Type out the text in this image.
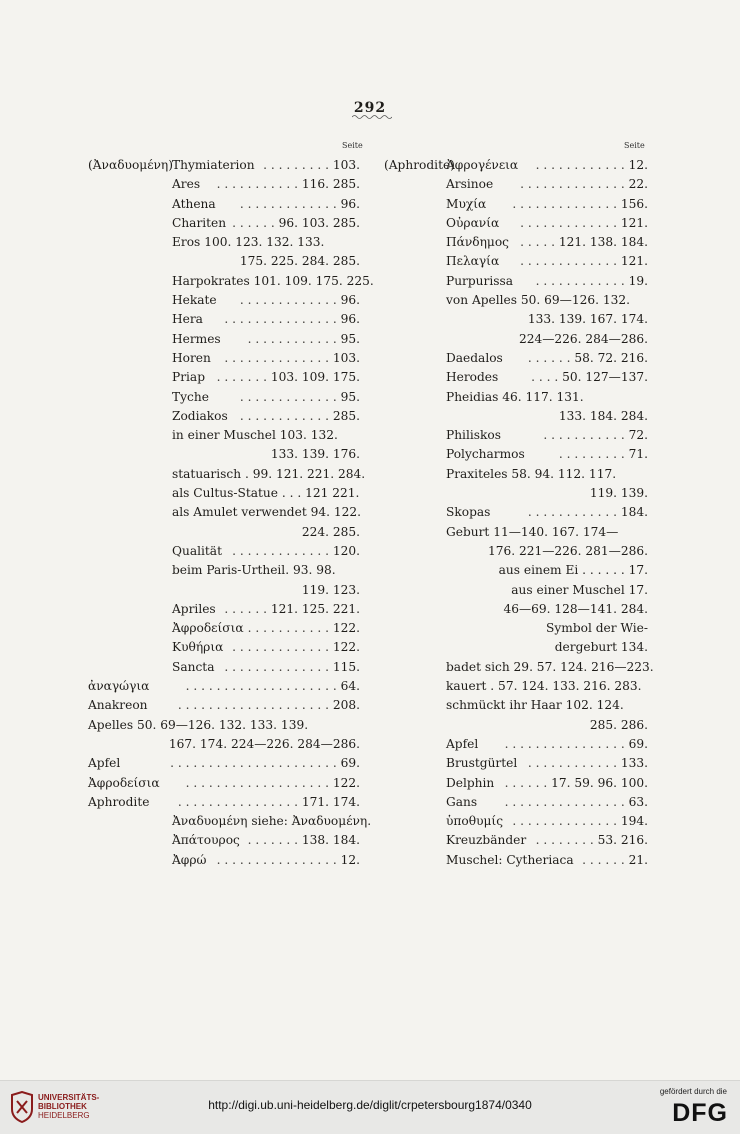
292
Seite	Seite
(Ἀναδυομένη) Thymiaterion . . . . . . . . . 103.
Ares . . . . . . . . . . . 116. 285.
Athena . . . . . . . . . . . . . 96.
Chariten . . . . . . 96. 103. 285.
Eros 100. 123. 132. 133.
175. 225. 284. 285.
Harpokrates 101. 109. 175. 225.
Hekate . . . . . . . . . . . . . 96.
Hera . . . . . . . . . . . . . . . 96.
Hermes . . . . . . . . . . . . 95.
Horen . . . . . . . . . . . . . . 103.
Priap . . . . . . . 103. 109. 175.
Tyche	. . . . . . . . . . . . . 95.
Zodiakos . . . . . . . . . . . . 285.
in einer Muschel 103. 132.
133. 139. 176.
statuarisch . 99. 121. 221. 284.
als Cultus-Statue . . . 121 221.
als Amulet verwendet 94. 122.
224. 285.
Qualität . . . . . . . . . . . . . 120.
beim Paris-Urtheil. 93. 98.
119. 123.
Apriles . . . . . . 121. 125. 221.
Ἀφροδείσια . . . . . . . . . . . 122.
Κυθήρια . . . . . . . . . . . . . 122.
Sancta . . . . . . . . . . . . . . 115.
ἀναγώγια	. . . . . . . . . . . . . . . . . . . . 64.
Anakreon . . . . . . . . . . . . . . . . . . . . 208.
Apelles 50. 69—126. 132. 133. 139.
167. 174. 224—226. 284—286.
Apfel	. . . . . . . . . . . . . . . . . . . . . . 69.
Ἀφροδείσια . . . . . . . . . . . . . . . . . . . 122.
Aphrodite . . . . . . . . . . . . . . . . 171. 174.
Ἀναδυομένη siehe: Ἀναδυομένη.
Ἀπάτουρος . . . . . . . 138. 184.
Ἀφρώ . . . . . . . . . . . . . . . . 12.
(Aphrodite)
Ἀφρογένεια . . . . . . . . . . . . 12.
Arsinoe . . . . . . . . . . . . . . 22.
Μυχία . . . . . . . . . . . . . . 156.
Οὐρανία . . . . . . . . . . . . . 121.
Πάνδημος . . . . . 121. 138. 184.
Πελαγία . . . . . . . . . . . . . 121.
Purpurissa . . . . . . . . . . . . 19.
von Apelles 50. 69—126. 132.
133. 139. 167. 174.
224—226. 284—286.
Daedalos . . . . . . 58. 72. 216.
Herodes	. . . . 50. 127—137.
Pheidias 46. 117. 131.
133. 184. 284.
Philiskos	. . . . . . . . . . . 72.
Polycharmos	. . . . . . . . . 71.
Praxiteles 58. 94. 112. 117.
119. 139.
Skopas	. . . . . . . . . . . . 184.
Geburt 11—140. 167. 174—
176. 221—226. 281—286.
aus einem Ei . . . . . . 17.
aus einer Muschel 17.
46—69. 128—141. 284.
Symbol der Wie-
dergeburt 134.
badet sich 29. 57. 124. 216—223.
kauert . 57. 124. 133. 216. 283.
schmückt ihr Haar 102. 124.
285. 286.
Apfel . . . . . . . . . . . . . . . . 69.
Brustgürtel . . . . . . . . . . . . 133.
Delphin . . . . . . 17. 59. 96. 100.
Gans . . . . . . . . . . . . . . . . 63.
ὑποθυμίς . . . . . . . . . . . . . . 194.
Kreuzbänder . . . . . . . . 53. 216.
Muschel: Cytheriaca . . . . . . 21.
UNIVERSITÄTS-
BIBLIOTHEK
HEIDELBERG
http://digi.ub.uni-heidelberg.de/diglit/crpetersbourg1874/0340
gefördert durch die
DFG
